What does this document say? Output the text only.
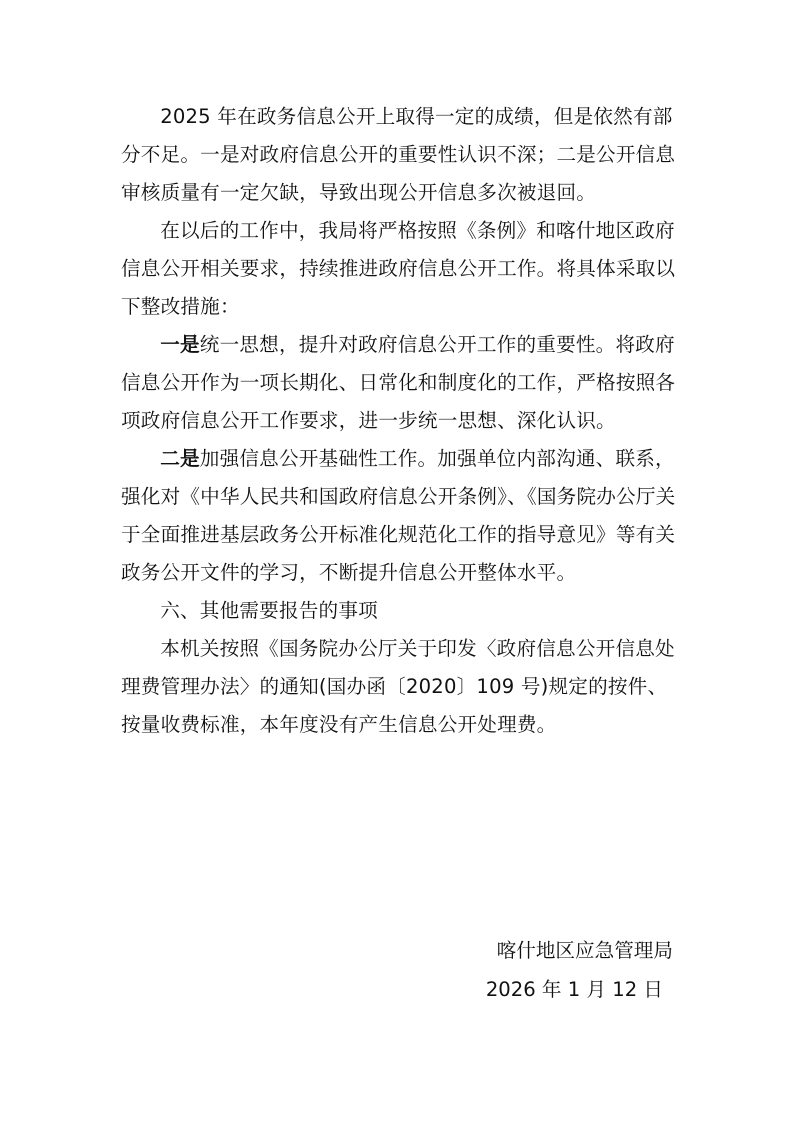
2025 年在政务信息公开上取得一定的成绩，但是依然有部分不足。一是对政府信息公开的重要性认识不深；二是公开信息审核质量有一定欠缺，导致出现公开信息多次被退回。

在以后的工作中，我局将严格按照《条例》和喀什地区政府信息公开相关要求，持续推进政府信息公开工作。将具体采取以下整改措施：

一是统一思想，提升对政府信息公开工作的重要性。将政府信息公开作为一项长期化、日常化和制度化的工作，严格按照各项政府信息公开工作要求，进一步统一思想、深化认识。

二是加强信息公开基础性工作。加强单位内部沟通、联系，强化对《中华人民共和国政府信息公开条例》、《国务院办公厅关于全面推进基层政务公开标准化规范化工作的指导意见》等有关政务公开文件的学习，不断提升信息公开整体水平。

六、其他需要报告的事项

本机关按照《国务院办公厅关于印发〈政府信息公开信息处理费管理办法〉的通知(国办函〔2020〕109 号)规定的按件、按量收费标准，本年度没有产生信息公开处理费。

喀什地区应急管理局
2026 年 1 月 12 日
